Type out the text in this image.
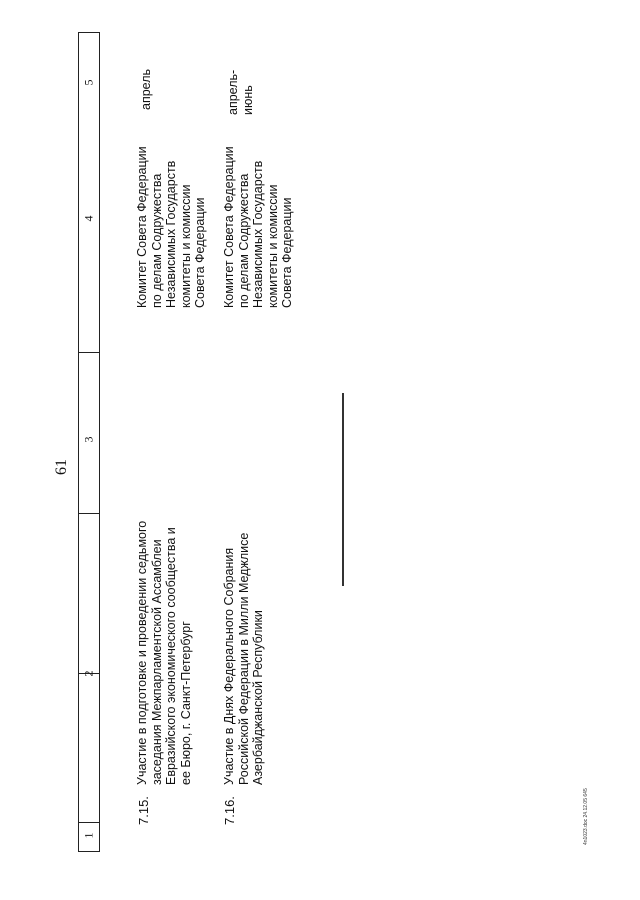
61
5
4
3
2
1
7.15.
Участие в подготовке и проведении седьмого
заседания Межпарламентской Ассамблеи
Евразийского экономического сообщества и
ее Бюро, г. Санкт-Петербург
Комитет Совета Федерации
по делам Содружества
Независимых Государств
комитеты и комиссии
Совета Федерации
апрель
7.16.
Участие в Днях Федерального Собрания
Российской Федерации в Милли Меджлисе
Азербайджанской Республики
Комитет Совета Федерации
по делам Содружества
Независимых Государств
комитеты и комиссии
Совета Федерации
апрель-
июнь
4n1023.doc 24.12.05 645
